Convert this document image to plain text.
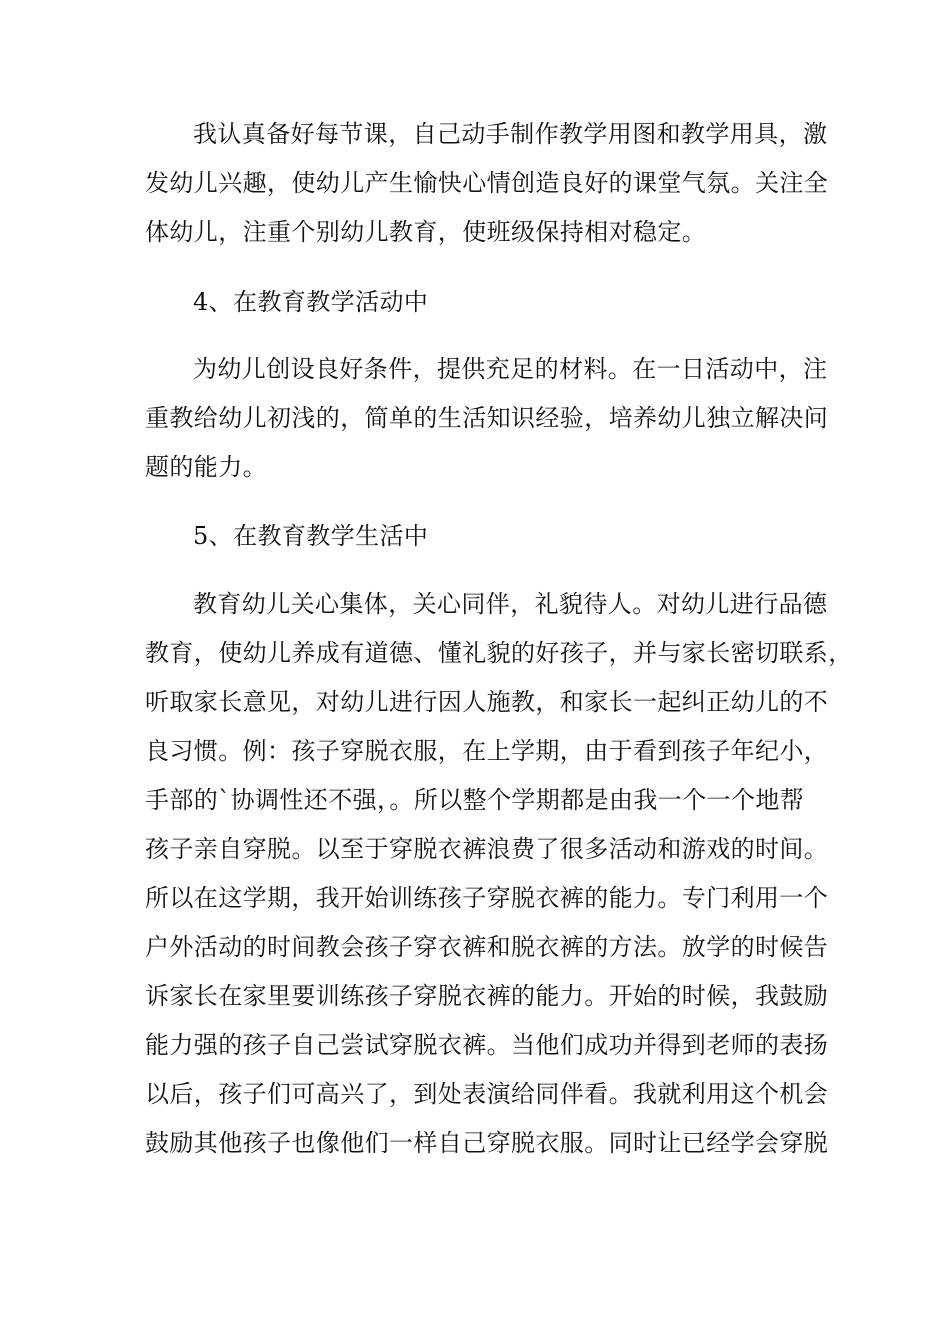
我认真备好每节课，自己动手制作教学用图和教学用具，激
发幼儿兴趣，使幼儿产生愉快心情创造良好的课堂气氛。关注全
体幼儿，注重个别幼儿教育，使班级保持相对稳定。
4、在教育教学活动中
为幼儿创设良好条件，提供充足的材料。在一日活动中，注
重教给幼儿初浅的，简单的生活知识经验，培养幼儿独立解决问
题的能力。
5、在教育教学生活中
教育幼儿关心集体，关心同伴，礼貌待人。对幼儿进行品德
教育，使幼儿养成有道德、懂礼貌的好孩子，并与家长密切联系，
听取家长意见，对幼儿进行因人施教，和家长一起纠正幼儿的不
良习惯。例：孩子穿脱衣服，在上学期，由于看到孩子年纪小，
手部的`协调性还不强，。所以整个学期都是由我一个一个地帮
孩子亲自穿脱。以至于穿脱衣裤浪费了很多活动和游戏的时间。
所以在这学期，我开始训练孩子穿脱衣裤的能力。专门利用一个
户外活动的时间教会孩子穿衣裤和脱衣裤的方法。放学的时候告
诉家长在家里要训练孩子穿脱衣裤的能力。开始的时候，我鼓励
能力强的孩子自己尝试穿脱衣裤。当他们成功并得到老师的表扬
以后，孩子们可高兴了，到处表演给同伴看。我就利用这个机会
鼓励其他孩子也像他们一样自己穿脱衣服。同时让已经学会穿脱
